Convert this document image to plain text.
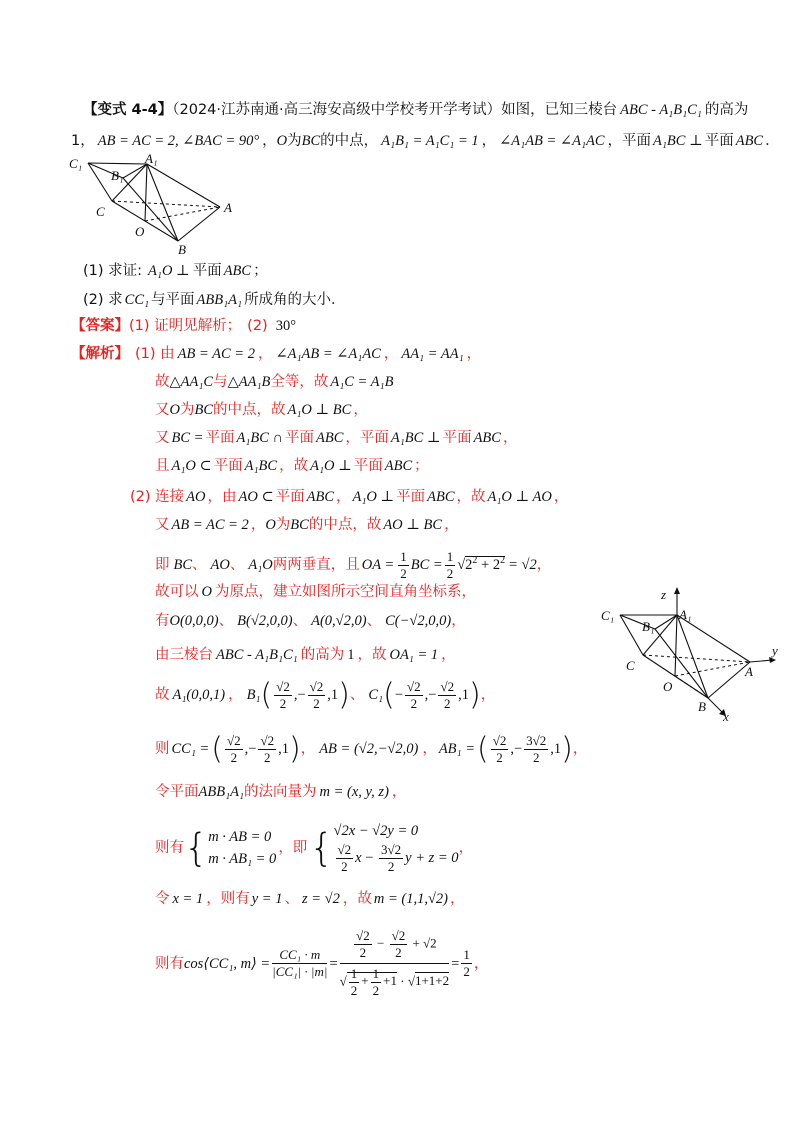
【变式 4-4】（2024·江苏南通·高三海安高级中学校考开学考试）如图，已知三棱台 ABC - A₁B₁C₁ 的高为
1， AB = AC = 2, ∠BAC = 90° ，O为BC的中点， A₁B₁ = A₁C₁ = 1 ， ∠A₁AB = ∠A₁AC ，平面 A₁BC ⊥ 平面 ABC ．
C₁	A₁
B₁
C	A
O
B
(1) 求证: A₁O ⊥ 平面 ABC ；
(2) 求 CC₁ 与平面 ABB₁A₁ 所成角的大小．
【答案】(1) 证明见解析； (2) 30°
【解析】 (1) 由 AB = AC = 2 ， ∠A₁AB = ∠A₁AC ， AA₁ = AA₁ ，
故△AA₁C与△AA₁B全等，故 A₁C = A₁B
又O为BC的中点，故 A₁O ⊥ BC ，
又 BC = 平面 A₁BC ∩ 平面 ABC ，平面 A₁BC ⊥ 平面 ABC ，
且 A₁O ⊂ 平面 A₁BC ，故 A₁O ⊥ 平面 ABC ；
(2) 连接 AO ，由 AO ⊂ 平面 ABC ， A₁O ⊥ 平面 ABC ，故 A₁O ⊥ AO ，
又 AB = AC = 2 ，O为BC的中点，故 AO ⊥ BC ，
即 BC、 AO、 A₁O两两垂直，且 OA = $\frac{1}{2}$ BC = $\frac{1}{2} √2^2 + 2^2 = √2$，
故可以 O 为原点，建立如图所示空间直角坐标系，
有O(0,0,0)、 B(√2,0,0)、 A(0,√2,0)、 C(−√2,0,0)，
由三棱台 ABC - A₁B₁C₁ 的高为 1 ，故 OA₁ = 1 ，
故 A₁(0,0,1) ， $B_1( \frac{√2}{2}$ ,− $\frac{√2}{2} ,1$)、 $C_1(- \frac{√2}{2}$ ,− $\frac{√2}{2} ,1$)，
则 CC₁ =( $\frac{√2}{2}$ ,− $\frac{√2}{2} ,1$)， AB = (√2,−√2,0) ， AB₁ =( $\frac{√2}{2}$ ,− $\frac{3√2}{2} ,1$)，
令平面ABB₁A₁的法向量为 m = (x, y, z) ，
则有{ m · AB = 0
m · AB₁ = 0
，即{ √2x − √2y = 0
$\frac{√2}{2}$ $x - \frac{3√2}{2}$ y + z = 0
，
令 x = 1 ，则有 y = 1 、 z = √2 ，故 m = (1,1,√2) ，
则有cos⟨CC₁, m⟩ = $\frac{\text{CC₁ · m}}{\text{|CC₁| · |m|}} = \frac{\frac{√2}{2} - \frac{√2}{2} + √2}{√ \frac{1}{2} + \frac{1}{2} +1 \cdot √1+1+2} = \frac{1}{2}$ ，
z
C₁	A₁
B₁
C	A
y
O
B
x
